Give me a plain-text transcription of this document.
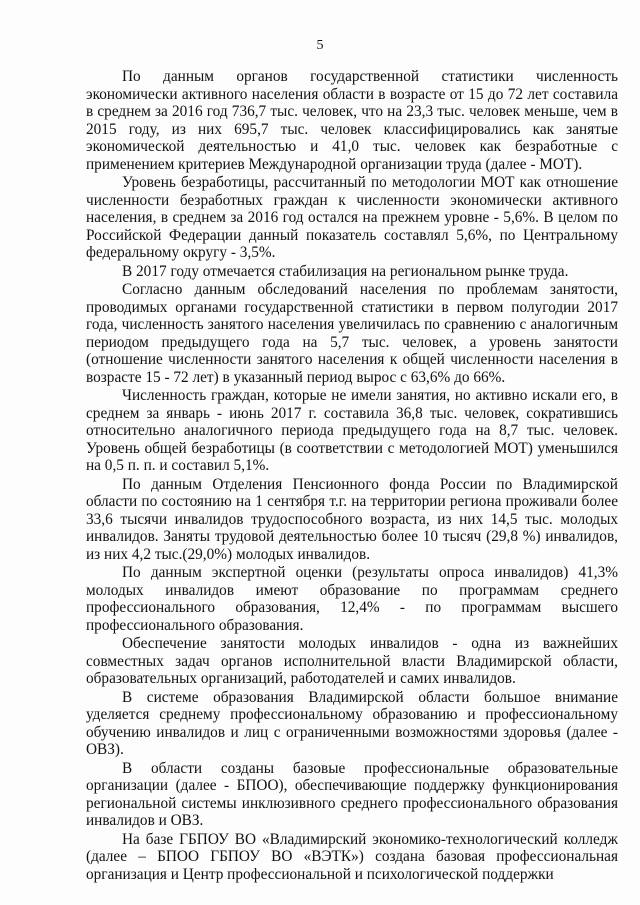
5

По данным органов государственной статистики численность экономически активного населения области в возрасте от 15 до 72 лет составила в среднем за 2016 год 736,7 тыс. человек, что на 23,3 тыс. человек меньше, чем в 2015 году, из них 695,7 тыс. человек классифицировались как занятые экономической деятельностью и 41,0 тыс. человек как безработные с применением критериев Международной организации труда (далее - МОТ).

Уровень безработицы, рассчитанный по методологии МОТ как отношение численности безработных граждан к численности экономически активного населения, в среднем за 2016 год остался на прежнем уровне - 5,6%. В целом по Российской Федерации данный показатель составлял 5,6%, по Центральному федеральному округу - 3,5%.

В 2017 году отмечается стабилизация на региональном рынке труда.

Согласно данным обследований населения по проблемам занятости, проводимых органами государственной статистики в первом полугодии 2017 года, численность занятого населения увеличилась по сравнению с аналогичным периодом предыдущего года на 5,7 тыс. человек, а уровень занятости (отношение численности занятого населения к общей численности населения в возрасте 15 - 72 лет) в указанный период вырос с 63,6% до 66%.

Численность граждан, которые не имели занятия, но активно искали его, в среднем за январь - июнь 2017 г. составила 36,8 тыс. человек, сократившись относительно аналогичного периода предыдущего года на 8,7 тыс. человек. Уровень общей безработицы (в соответствии с методологией МОТ) уменьшился на 0,5 п. п. и составил 5,1%.

По данным Отделения Пенсионного фонда России по Владимирской области по состоянию на 1 сентября т.г. на территории региона проживали более 33,6 тысячи инвалидов трудоспособного возраста, из них 14,5 тыс. молодых инвалидов. Заняты трудовой деятельностью более 10 тысяч (29,8 %) инвалидов, из них 4,2 тыс.(29,0%) молодых инвалидов.

По данным экспертной оценки (результаты опроса инвалидов) 41,3% молодых инвалидов имеют образование по программам среднего профессионального образования, 12,4% - по программам высшего профессионального образования.

Обеспечение занятости молодых инвалидов - одна из важнейших совместных задач органов исполнительной власти Владимирской области, образовательных организаций, работодателей и самих инвалидов.

В системе образования Владимирской области большое внимание уделяется среднему профессиональному образованию и профессиональному обучению инвалидов и лиц с ограниченными возможностями здоровья (далее - ОВЗ).

В области созданы базовые профессиональные образовательные организации (далее - БПОО), обеспечивающие поддержку функционирования региональной системы инклюзивного среднего профессионального образования инвалидов и ОВЗ.

На базе ГБПОУ ВО «Владимирский экономико-технологический колледж (далее – БПОО ГБПОУ ВО «ВЭТК») создана базовая профессиональная организация и Центр профессиональной и психологической поддержки
